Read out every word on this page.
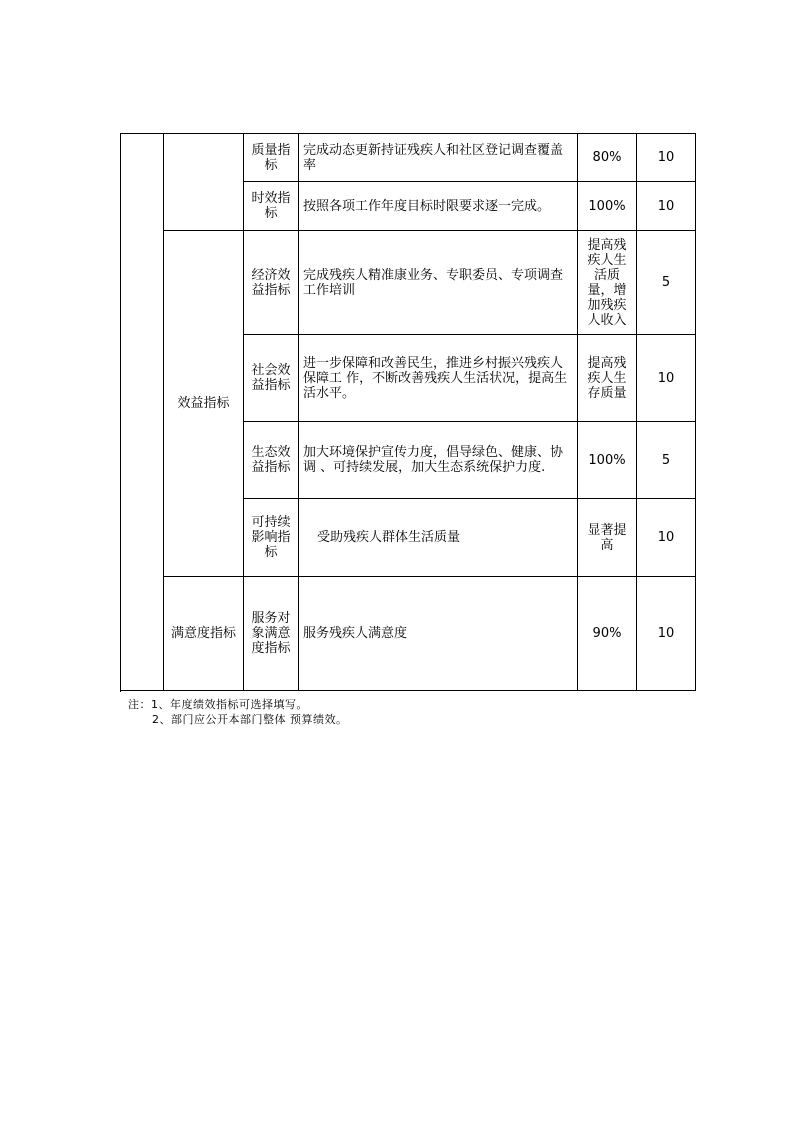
		质量指标	完成动态更新持证残疾人和社区登记调查覆盖率	80%	10
		时效指标	按照各项工作年度目标时限要求逐一完成。	100%	10
	效益指标	经济效益指标	完成残疾人精准康业务、专职委员、专项调查工作培训	提高残疾人生活质量，增加残疾人收入	5
		社会效益指标	进一步保障和改善民生，推进乡村振兴残疾人保障工 作，不断改善残疾人生活状况，提高生活水平。	提高残疾人生存质量	10
		生态效益指标	加大环境保护宣传力度，倡导绿色、健康、协调 、可持续发展，加大生态系统保护力度.	100%	5
		可持续影响指标	受助残疾人群体生活质量	显著提高	10
	满意度指标	服务对象满意度指标	服务残疾人满意度	90%	10

注：1、年度绩效指标可选择填写。
2、部门应公开本部门整体 预算绩效。
